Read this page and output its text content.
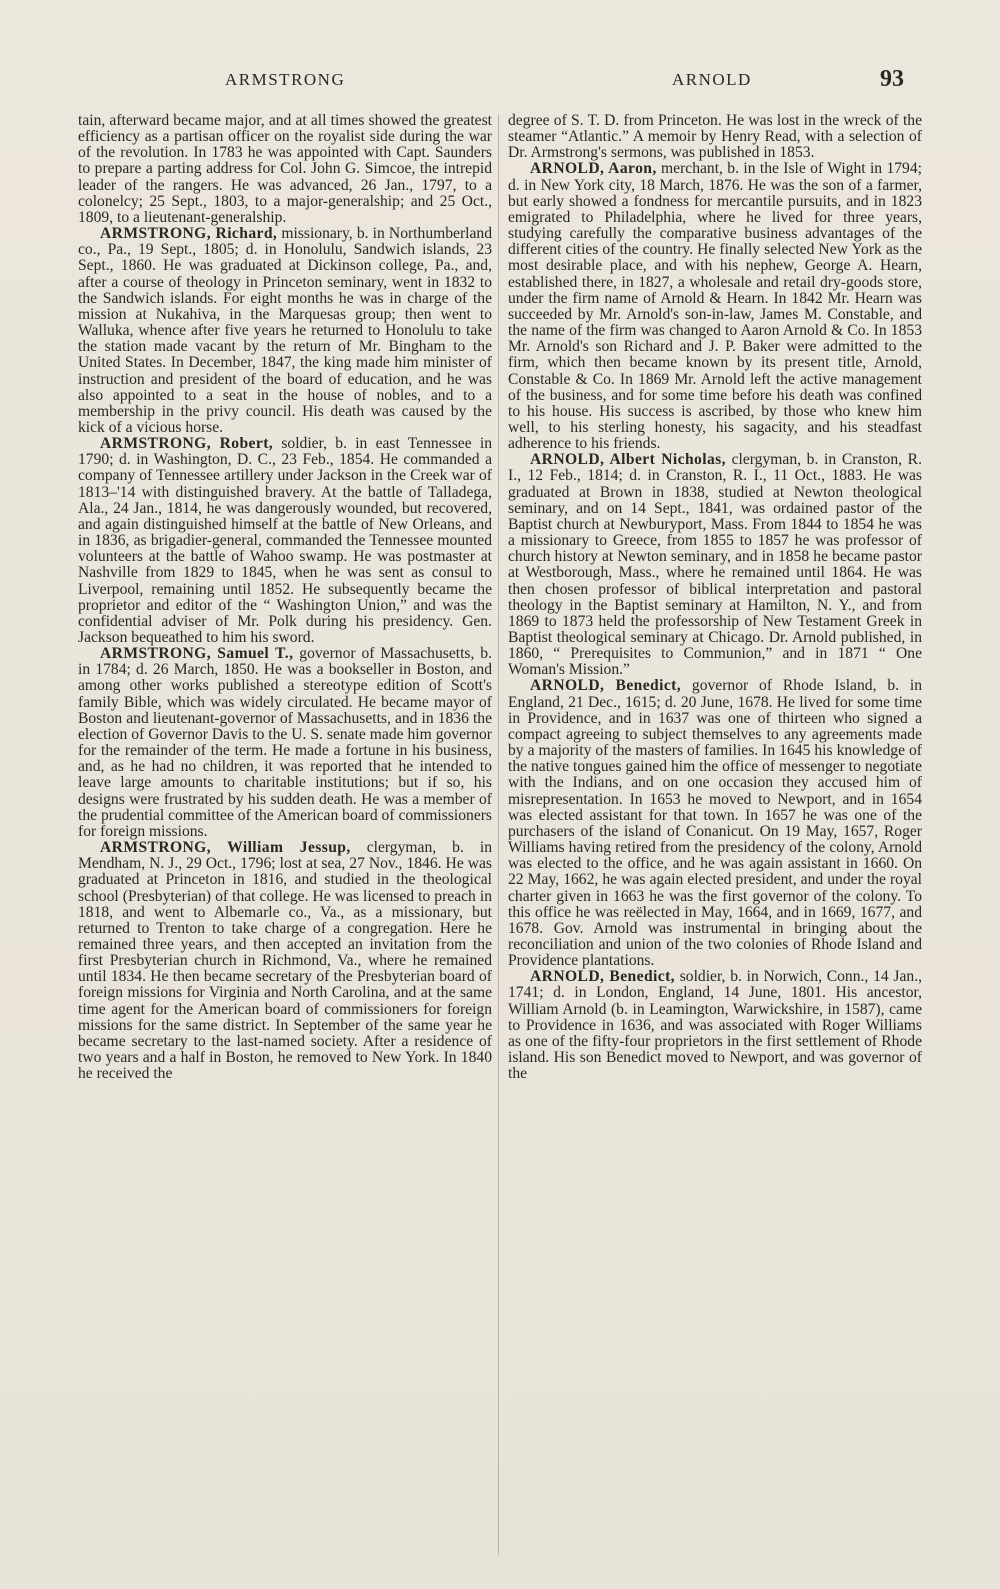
ARMSTRONG	ARNOLD	93

tain, afterward became major, and at all times showed the greatest efficiency as a partisan officer on the royalist side during the war of the revolution. In 1783 he was appointed with Capt. Saunders to prepare a parting address for Col. John G. Simcoe, the intrepid leader of the rangers. He was advanced, 26 Jan., 1797, to a colonelcy; 25 Sept., 1803, to a major-generalship; and 25 Oct., 1809, to a lieutenant-generalship.

ARMSTRONG, Richard, missionary, b. in Northumberland co., Pa., 19 Sept., 1805; d. in Honolulu, Sandwich islands, 23 Sept., 1860. He was graduated at Dickinson college, Pa., and, after a course of theology in Princeton seminary, went in 1832 to the Sandwich islands. For eight months he was in charge of the mission at Nukahiva, in the Marquesas group; then went to Walluka, whence after five years he returned to Honolulu to take the station made vacant by the return of Mr. Bingham to the United States. In December, 1847, the king made him minister of instruction and president of the board of education, and he was also appointed to a seat in the house of nobles, and to a membership in the privy council. His death was caused by the kick of a vicious horse.

ARMSTRONG, Robert, soldier, b. in east Tennessee in 1790; d. in Washington, D. C., 23 Feb., 1854. He commanded a company of Tennessee artillery under Jackson in the Creek war of 1813–'14 with distinguished bravery. At the battle of Talladega, Ala., 24 Jan., 1814, he was dangerously wounded, but recovered, and again distinguished himself at the battle of New Orleans, and in 1836, as brigadier-general, commanded the Tennessee mounted volunteers at the battle of Wahoo swamp. He was postmaster at Nashville from 1829 to 1845, when he was sent as consul to Liverpool, remaining until 1852. He subsequently became the proprietor and editor of the “ Washington Union,” and was the confidential adviser of Mr. Polk during his presidency. Gen. Jackson bequeathed to him his sword.

ARMSTRONG, Samuel T., governor of Massachusetts, b. in 1784; d. 26 March, 1850. He was a bookseller in Boston, and among other works published a stereotype edition of Scott's family Bible, which was widely circulated. He became mayor of Boston and lieutenant-governor of Massachusetts, and in 1836 the election of Governor Davis to the U. S. senate made him governor for the remainder of the term. He made a fortune in his business, and, as he had no children, it was reported that he intended to leave large amounts to charitable institutions; but if so, his designs were frustrated by his sudden death. He was a member of the prudential committee of the American board of commissioners for foreign missions.

ARMSTRONG, William Jessup, clergyman, b. in Mendham, N. J., 29 Oct., 1796; lost at sea, 27 Nov., 1846. He was graduated at Princeton in 1816, and studied in the theological school (Presbyterian) of that college. He was licensed to preach in 1818, and went to Albemarle co., Va., as a missionary, but returned to Trenton to take charge of a congregation. Here he remained three years, and then accepted an invitation from the first Presbyterian church in Richmond, Va., where he remained until 1834. He then became secretary of the Presbyterian board of foreign missions for Virginia and North Carolina, and at the same time agent for the American board of commissioners for foreign missions for the same district. In September of the same year he became secretary to the last-named society. After a residence of two years and a half in Boston, he removed to New York. In 1840 he received the

degree of S. T. D. from Princeton. He was lost in the wreck of the steamer “Atlantic.” A memoir by Henry Read, with a selection of Dr. Armstrong's sermons, was published in 1853.

ARNOLD, Aaron, merchant, b. in the Isle of Wight in 1794; d. in New York city, 18 March, 1876. He was the son of a farmer, but early showed a fondness for mercantile pursuits, and in 1823 emigrated to Philadelphia, where he lived for three years, studying carefully the comparative business advantages of the different cities of the country. He finally selected New York as the most desirable place, and with his nephew, George A. Hearn, established there, in 1827, a wholesale and retail dry-goods store, under the firm name of Arnold & Hearn. In 1842 Mr. Hearn was succeeded by Mr. Arnold's son-in-law, James M. Constable, and the name of the firm was changed to Aaron Arnold & Co. In 1853 Mr. Arnold's son Richard and J. P. Baker were admitted to the firm, which then became known by its present title, Arnold, Constable & Co. In 1869 Mr. Arnold left the active management of the business, and for some time before his death was confined to his house. His success is ascribed, by those who knew him well, to his sterling honesty, his sagacity, and his steadfast adherence to his friends.

ARNOLD, Albert Nicholas, clergyman, b. in Cranston, R. I., 12 Feb., 1814; d. in Cranston, R. I., 11 Oct., 1883. He was graduated at Brown in 1838, studied at Newton theological seminary, and on 14 Sept., 1841, was ordained pastor of the Baptist church at Newburyport, Mass. From 1844 to 1854 he was a missionary to Greece, from 1855 to 1857 he was professor of church history at Newton seminary, and in 1858 he became pastor at Westborough, Mass., where he remained until 1864. He was then chosen professor of biblical interpretation and pastoral theology in the Baptist seminary at Hamilton, N. Y., and from 1869 to 1873 held the professorship of New Testament Greek in Baptist theological seminary at Chicago. Dr. Arnold published, in 1860, “ Prerequisites to Communion,” and in 1871 “ One Woman's Mission.”

ARNOLD, Benedict, governor of Rhode Island, b. in England, 21 Dec., 1615; d. 20 June, 1678. He lived for some time in Providence, and in 1637 was one of thirteen who signed a compact agreeing to subject themselves to any agreements made by a majority of the masters of families. In 1645 his knowledge of the native tongues gained him the office of messenger to negotiate with the Indians, and on one occasion they accused him of misrepresentation. In 1653 he moved to Newport, and in 1654 was elected assistant for that town. In 1657 he was one of the purchasers of the island of Conanicut. On 19 May, 1657, Roger Williams having retired from the presidency of the colony, Arnold was elected to the office, and he was again assistant in 1660. On 22 May, 1662, he was again elected president, and under the royal charter given in 1663 he was the first governor of the colony. To this office he was reëlected in May, 1664, and in 1669, 1677, and 1678. Gov. Arnold was instrumental in bringing about the reconciliation and union of the two colonies of Rhode Island and Providence plantations.

ARNOLD, Benedict, soldier, b. in Norwich, Conn., 14 Jan., 1741; d. in London, England, 14 June, 1801. His ancestor, William Arnold (b. in Leamington, Warwickshire, in 1587), came to Providence in 1636, and was associated with Roger Williams as one of the fifty-four proprietors in the first settlement of Rhode island. His son Benedict moved to Newport, and was governor of the
